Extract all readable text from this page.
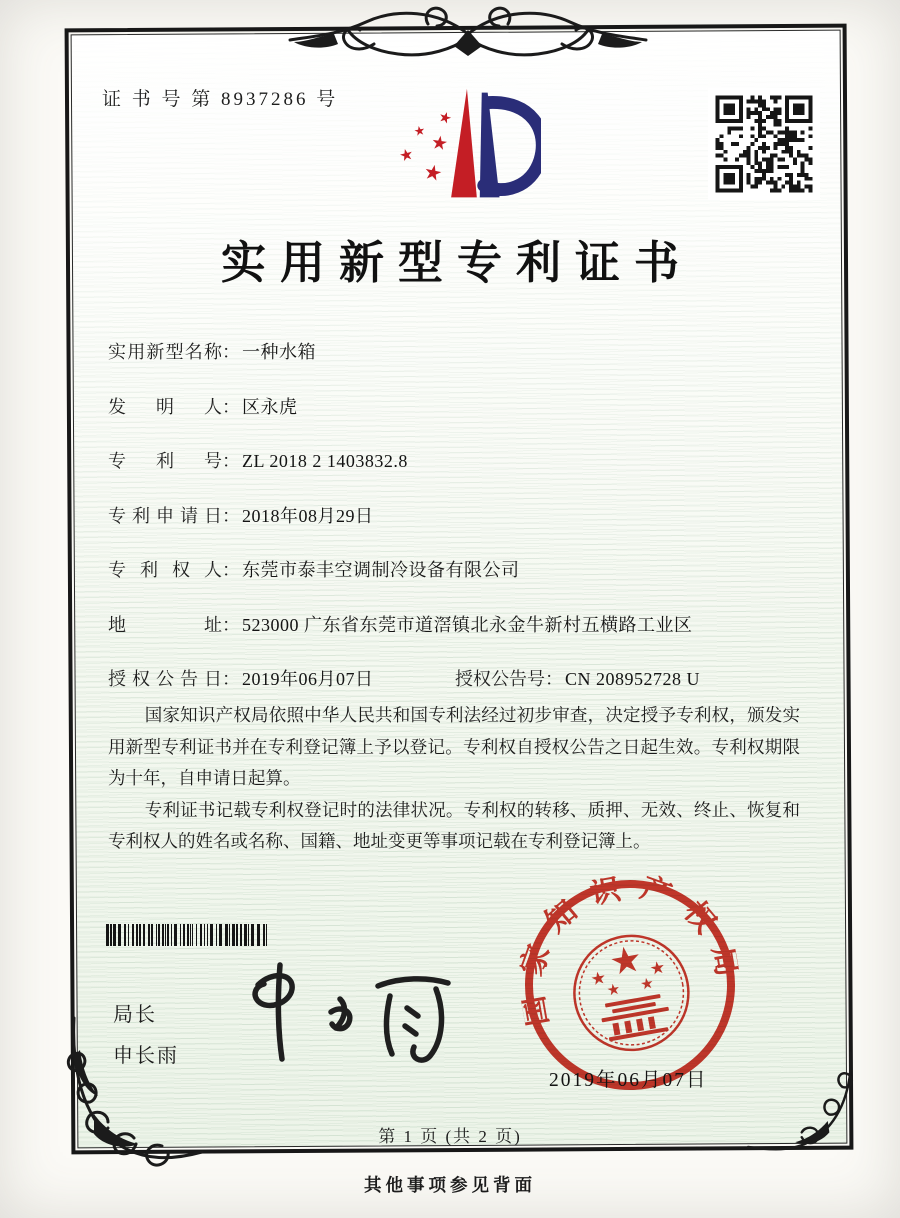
证 书 号 第 8937286 号
★
★
★
★
★
实用新型专利证书
实用新型名称： 一种水箱
发明人： 区永虎
专利号： ZL 2018 2 1403832.8
专利申请日： 2018年08月29日
专利权人： 东莞市泰丰空调制冷设备有限公司
地址： 523000 广东省东莞市道滘镇北永金牛新村五横路工业区
授权公告日： 2019年06月07日	授权公告号： CN 208952728 U

国家知识产权局依照中华人民共和国专利法经过初步审查，决定授予专利权，颁发实用新型专利证书并在专利登记簿上予以登记。专利权自授权公告之日起生效。专利权期限为十年，自申请日起算。

专利证书记载专利权登记时的法律状况。专利权的转移、质押、无效、终止、恢复和专利权人的姓名或名称、国籍、地址变更等事项记载在专利登记簿上。

局长
申长雨
国家知识产权局
★
★
★
★ ★
2019年06月07日
第 1 页 (共 2 页)
其他事项参见背面
